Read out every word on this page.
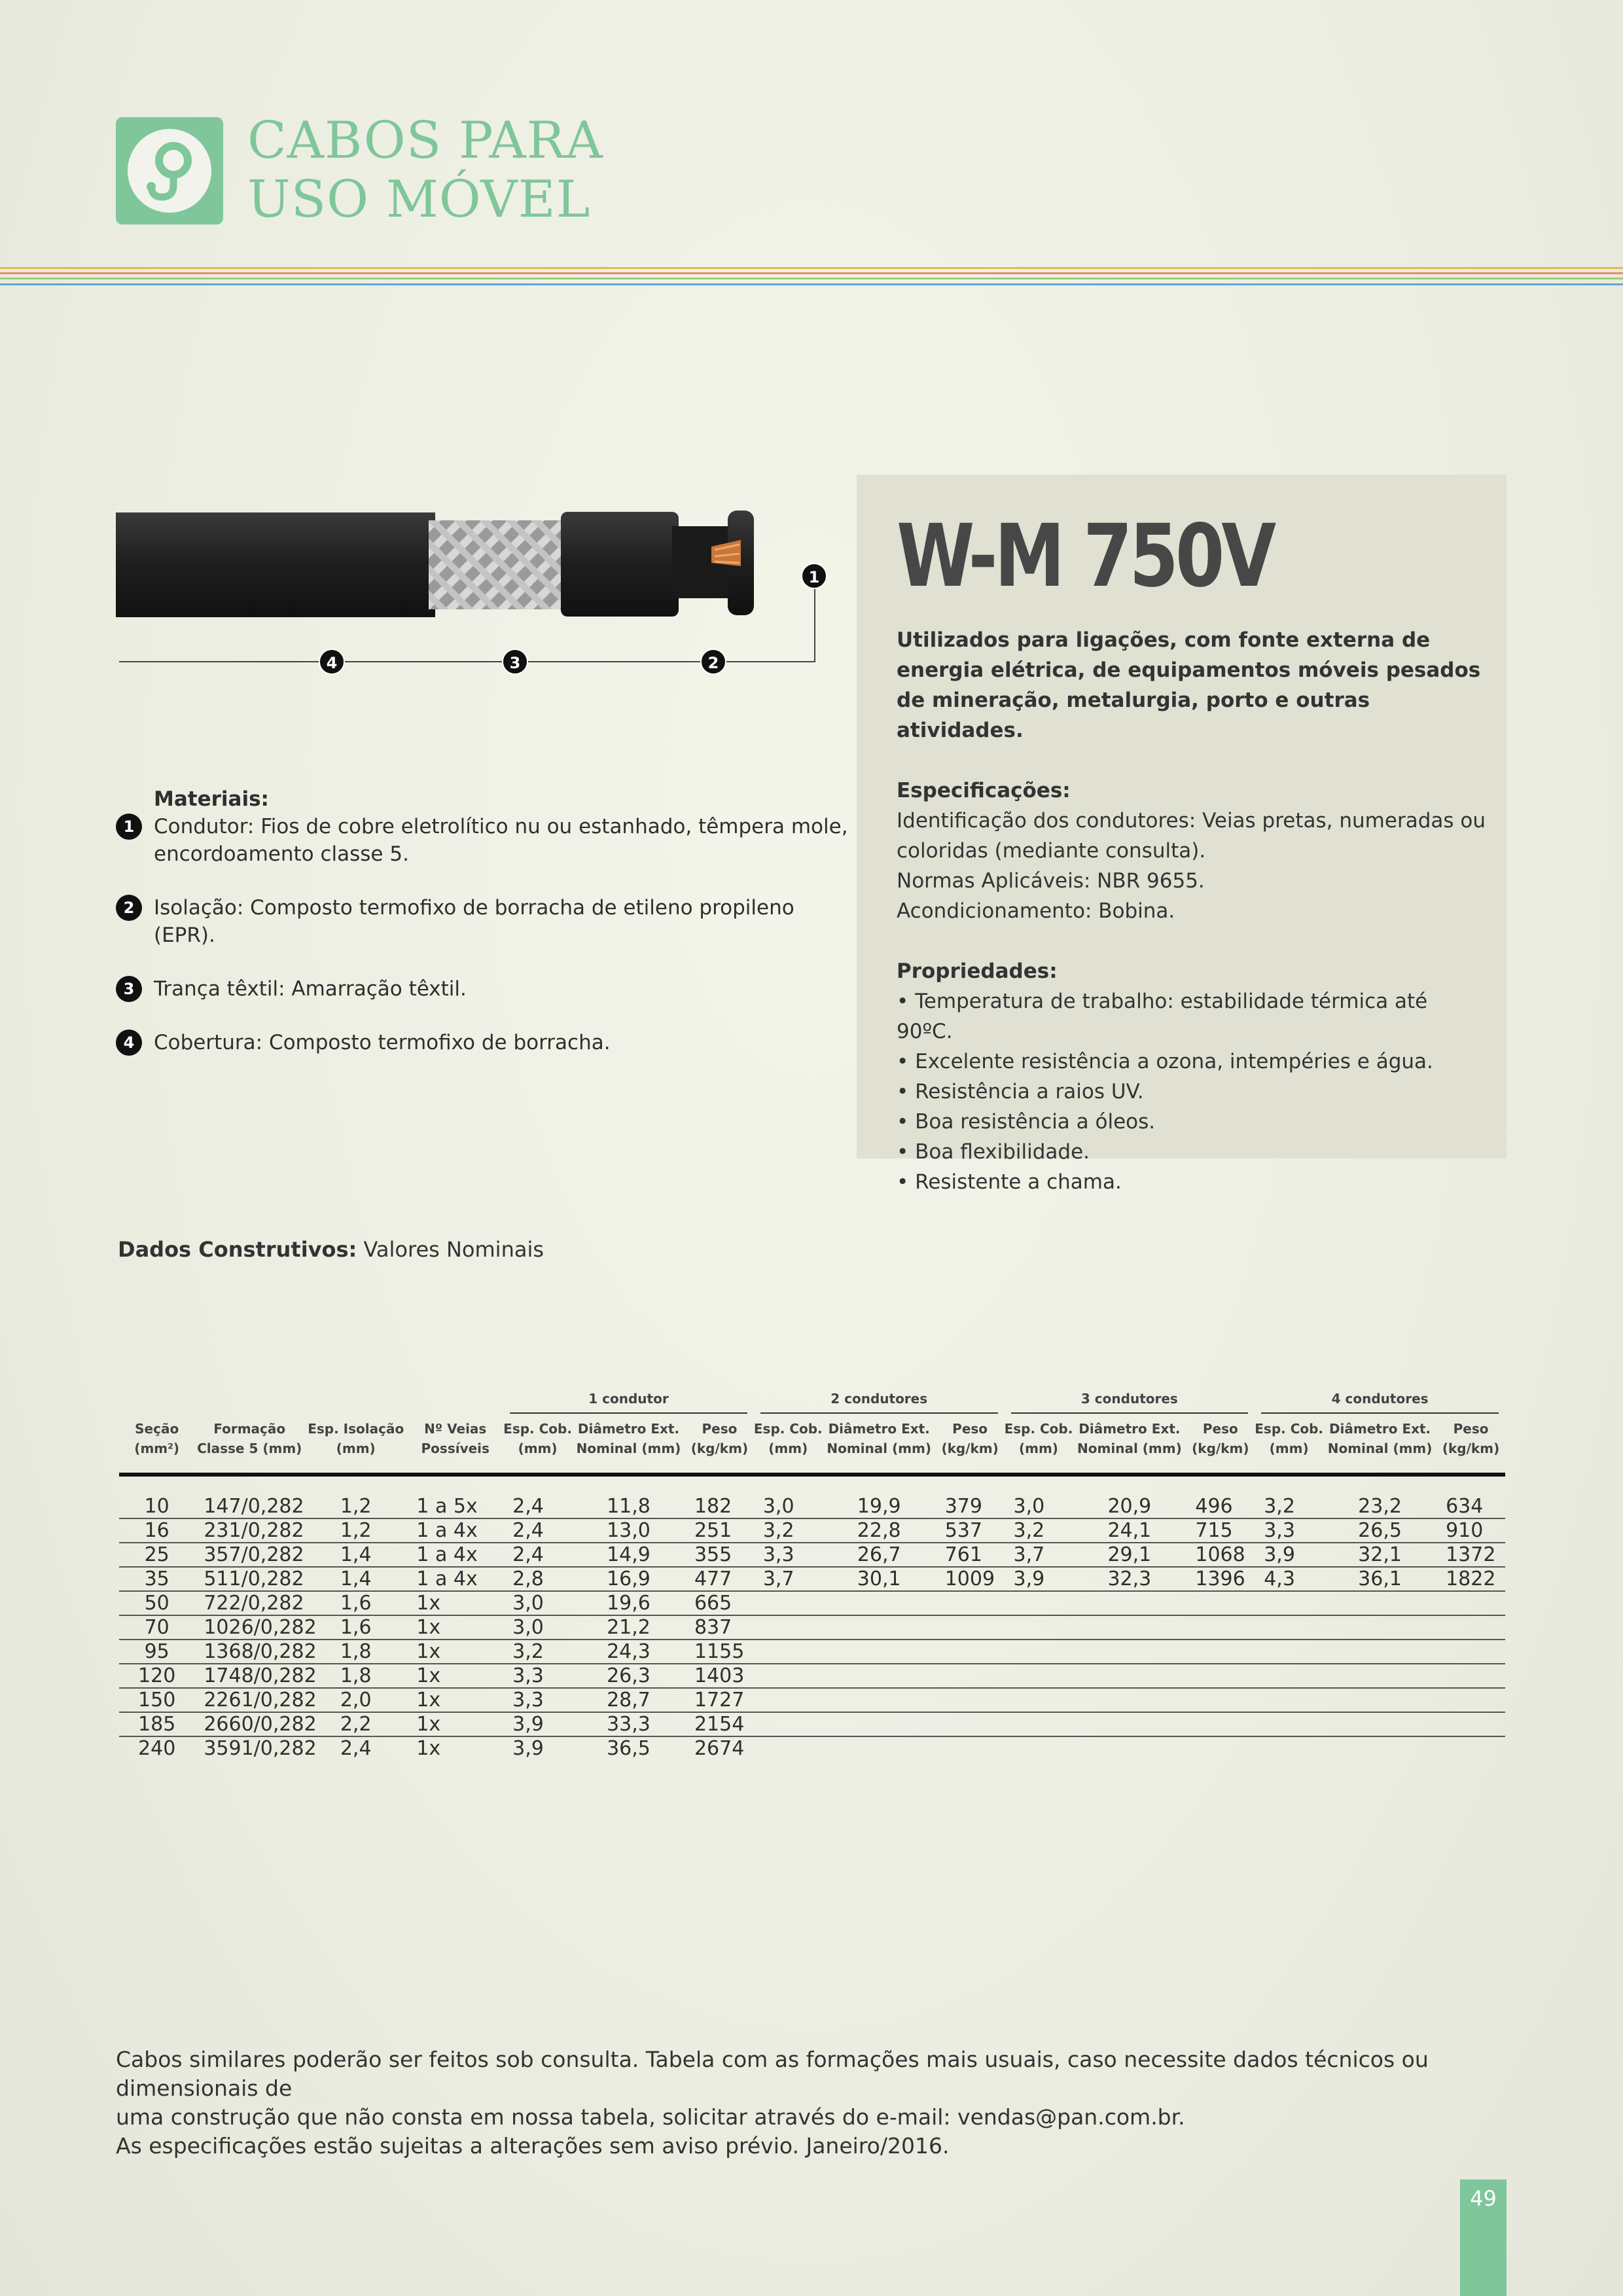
CABOS PARA
USO MÓVEL
1
2
3
4
Materiais:
1 Condutor: Fios de cobre eletrolítico nu ou estanhado, têmpera mole, encordoamento classe 5.
2 Isolação: Composto termofixo de borracha de etileno propileno (EPR).
3 Trança têxtil: Amarração têxtil.
4 Cobertura: Composto termofixo de borracha.
W-M 750V
Utilizados para ligações, com fonte externa de energia elétrica, de equipamentos móveis pesados de mineração, metalurgia, porto e outras atividades.
Especificações:
Identificação dos condutores: Veias pretas, numeradas ou coloridas (mediante consulta).
Normas Aplicáveis: NBR 9655.
Acondicionamento: Bobina.
Propriedades:
• Temperatura de trabalho: estabilidade térmica até 90ºC.
• Excelente resistência a ozona, intempéries e água.
• Resistência a raios UV.
• Boa resistência a óleos.
• Boa flexibilidade.
• Resistente a chama.
Dados Construtivos: Valores Nominais

				1 condutor			2 condutores			3 condutores			4 condutores		

Seção (mm²)	Formação Classe 5 (mm)	Esp. Isolação (mm)	Nº Veias Possíveis	Esp. Cob. (mm)	Diâmetro Ext. Nominal (mm)	Peso (kg/km)	Esp. Cob. (mm)	Diâmetro Ext. Nominal (mm)	Peso (kg/km)	Esp. Cob. (mm)	Diâmetro Ext. Nominal (mm)	Peso (kg/km)	Esp. Cob. (mm)	Diâmetro Ext. Nominal (mm)	Peso (kg/km)
10	147/0,282	1,2	1 a 5x	2,4	11,8	182	3,0	19,9	379	3,0	20,9	496	3,2	23,2	634
16	231/0,282	1,2	1 a 4x	2,4	13,0	251	3,2	22,8	537	3,2	24,1	715	3,3	26,5	910
25	357/0,282	1,4	1 a 4x	2,4	14,9	355	3,3	26,7	761	3,7	29,1	1068	3,9	32,1	1372
35	511/0,282	1,4	1 a 4x	2,8	16,9	477	3,7	30,1	1009	3,9	32,3	1396	4,3	36,1	1822
50	722/0,282	1,6	1x	3,0	19,6	665									
70	1026/0,282	1,6	1x	3,0	21,2	837									
95	1368/0,282	1,8	1x	3,2	24,3	1155									
120	1748/0,282	1,8	1x	3,3	26,3	1403									
150	2261/0,282	2,0	1x	3,3	28,7	1727									
185	2660/0,282	2,2	1x	3,9	33,3	2154									
240	3591/0,282	2,4	1x	3,9	36,5	2674									
Cabos similares poderão ser feitos sob consulta. Tabela com as formações mais usuais, caso necessite dados técnicos ou dimensionais de
uma construção que não consta em nossa tabela, solicitar através do e-mail: vendas@pan.com.br.
As especificações estão sujeitas a alterações sem aviso prévio. Janeiro/2016.
49
